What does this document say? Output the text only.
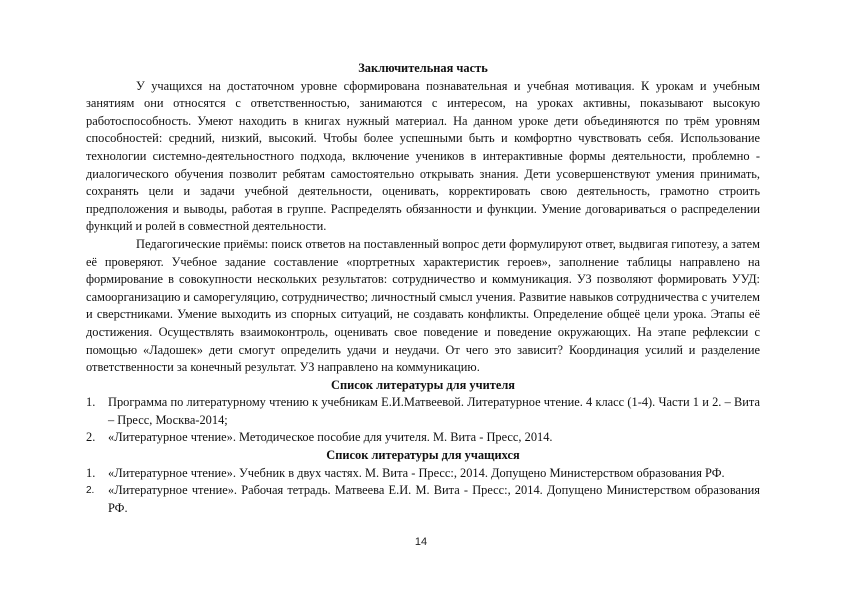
Заключительная часть

У учащихся на достаточном уровне сформирована познавательная и учебная мотивация. К урокам и учебным занятиям они относятся с ответственностью, занимаются с интересом, на уроках активны, показывают высокую работоспособность. Умеют находить в книгах нужный материал. На данном уроке дети объединяются по трём уровням способностей: средний, низкий, высокий. Чтобы более успешными быть и комфортно чувствовать себя. Использование технологии системно-деятельностного подхода, включение учеников в интерактивные формы деятельности, проблемно - диалогического обучения позволит ребятам самостоятельно открывать знания. Дети усовершенствуют умения принимать, сохранять цели и задачи учебной деятельности, оценивать, корректировать свою деятельность, грамотно строить предположения и выводы, работая в группе. Распределять обязанности и функции. Умение договариваться о распределении функций и ролей в совместной деятельности.

Педагогические приёмы: поиск ответов на поставленный вопрос дети формулируют ответ, выдвигая гипотезу, а затем её проверяют. Учебное задание составление «портретных характеристик героев», заполнение таблицы направлено на формирование в совокупности нескольких результатов: сотрудничество и коммуникация. УЗ позволяют формировать УУД: самоорганизацию и саморегуляцию, сотрудничество; личностный смысл учения. Развитие навыков сотрудничества с учителем и сверстниками. Умение выходить из спорных ситуаций, не создавать конфликты. Определение общеё цели урока. Этапы её достижения. Осуществлять взаимоконтроль, оценивать свое поведение и поведение окружающих. На этапе рефлексии с помощью «Ладошек» дети смогут определить удачи и неудачи. От чего это зависит? Координация усилий и разделение ответственности за конечный результат. УЗ направлено на коммуникацию.

Список литературы для учителя

1. Программа по литературному чтению к учебникам Е.И.Матвеевой. Литературное чтение. 4 класс (1-4). Части 1 и 2. – Вита – Пресс, Москва-2014;
2. «Литературное чтение». Методическое пособие для учителя. М. Вита - Пресс, 2014.

Список литературы для учащихся

1. «Литературное чтение». Учебник в двух частях. М. Вита - Пресс:, 2014. Допущено Министерством образования РФ.
2. «Литературное чтение». Рабочая тетрадь. Матвеева Е.И. М. Вита - Пресс:, 2014. Допущено Министерством образования РФ.
14
